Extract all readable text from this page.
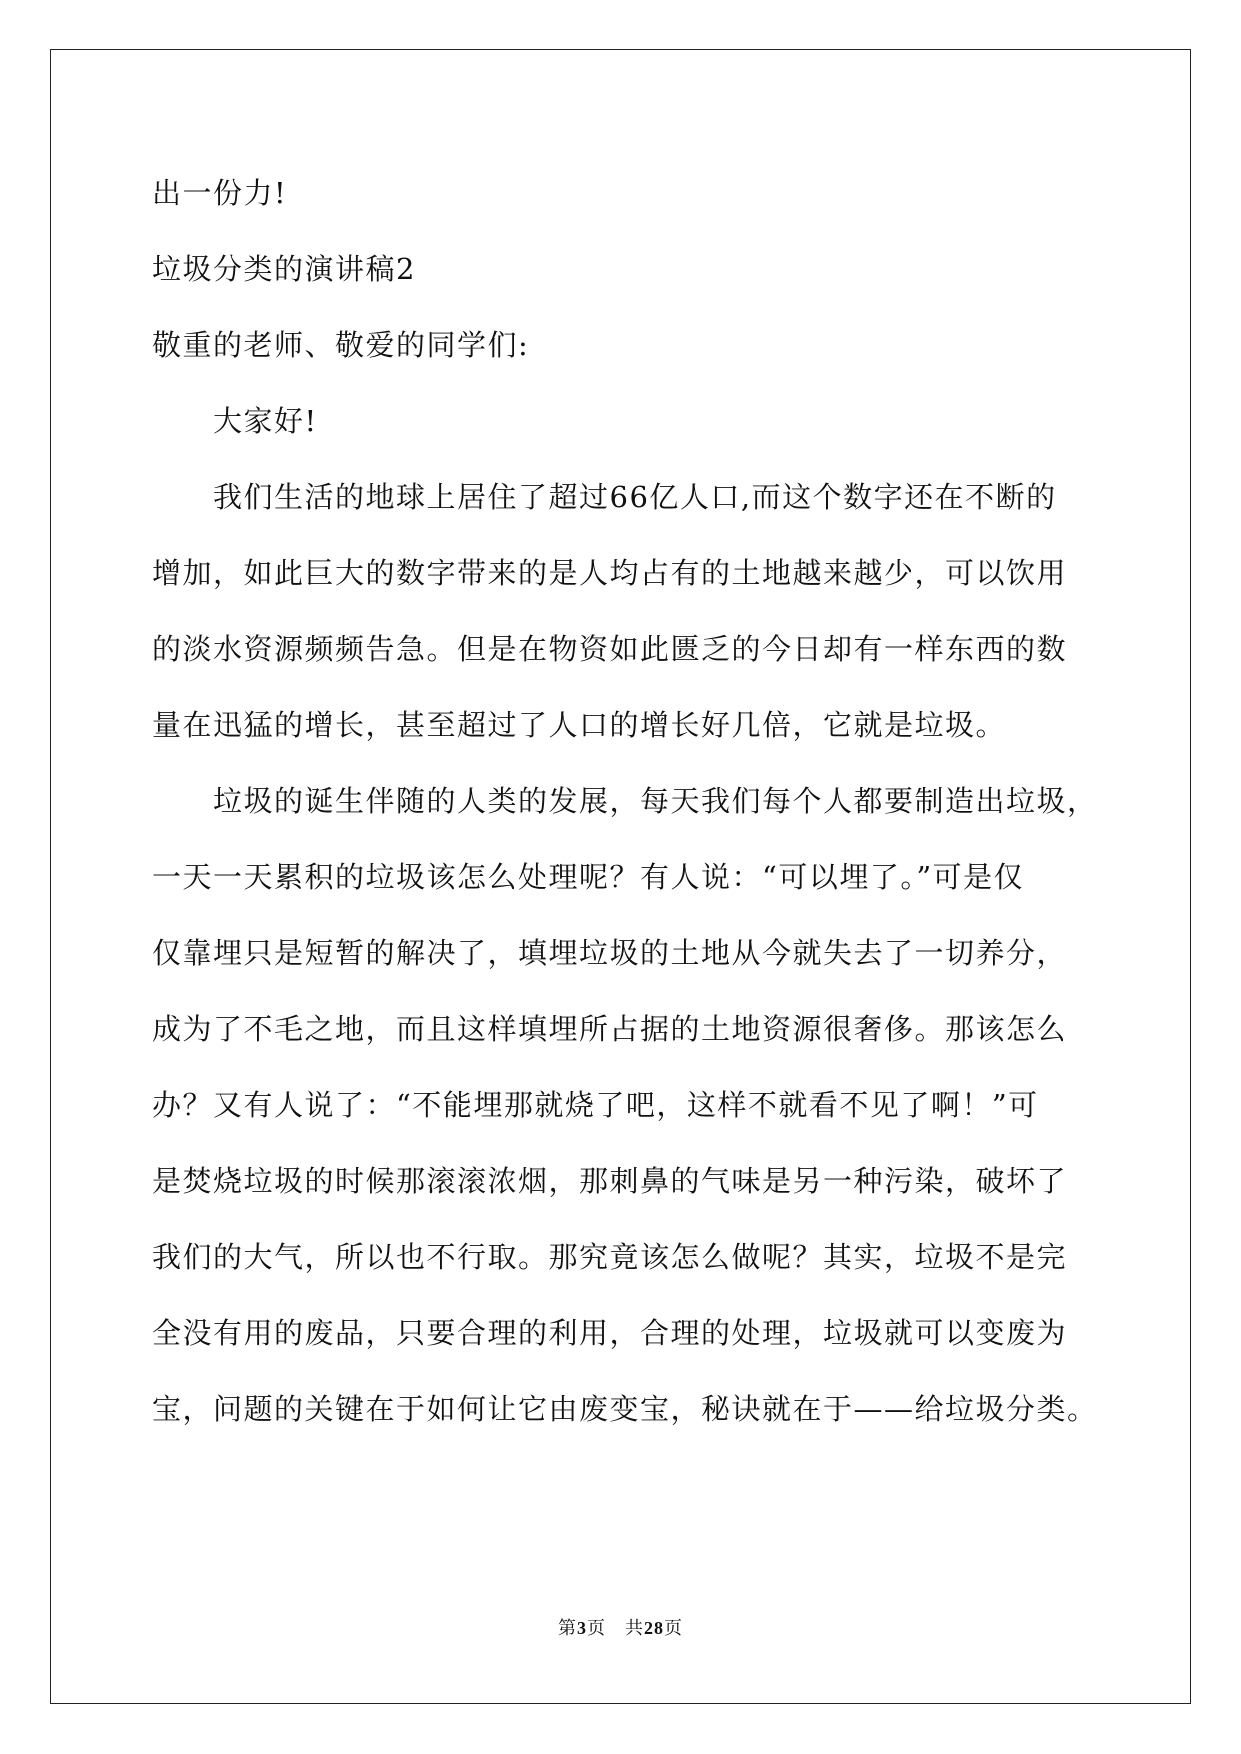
出一份力!
垃圾分类的演讲稿2
敬重的老师、敬爱的同学们:
大家好!
我们生活的地球上居住了超过66亿人口,而这个数字还在不断的
增加，如此巨大的数字带来的是人均占有的土地越来越少，可以饮用
的淡水资源频频告急。但是在物资如此匮乏的今日却有一样东西的数
量在迅猛的增长，甚至超过了人口的增长好几倍，它就是垃圾。
垃圾的诞生伴随的人类的发展，每天我们每个人都要制造出垃圾，
一天一天累积的垃圾该怎么处理呢？有人说：“可以埋了。”可是仅
仅靠埋只是短暂的解决了，填埋垃圾的土地从今就失去了一切养分，
成为了不毛之地，而且这样填埋所占据的土地资源很奢侈。那该怎么
办？又有人说了：“不能埋那就烧了吧，这样不就看不见了啊！”可
是焚烧垃圾的时候那滚滚浓烟，那刺鼻的气味是另一种污染，破坏了
我们的大气，所以也不行取。那究竟该怎么做呢？其实，垃圾不是完
全没有用的废品，只要合理的利用，合理的处理，垃圾就可以变废为
宝，问题的关键在于如何让它由废变宝，秘诀就在于——给垃圾分类。
第3页　共28页
